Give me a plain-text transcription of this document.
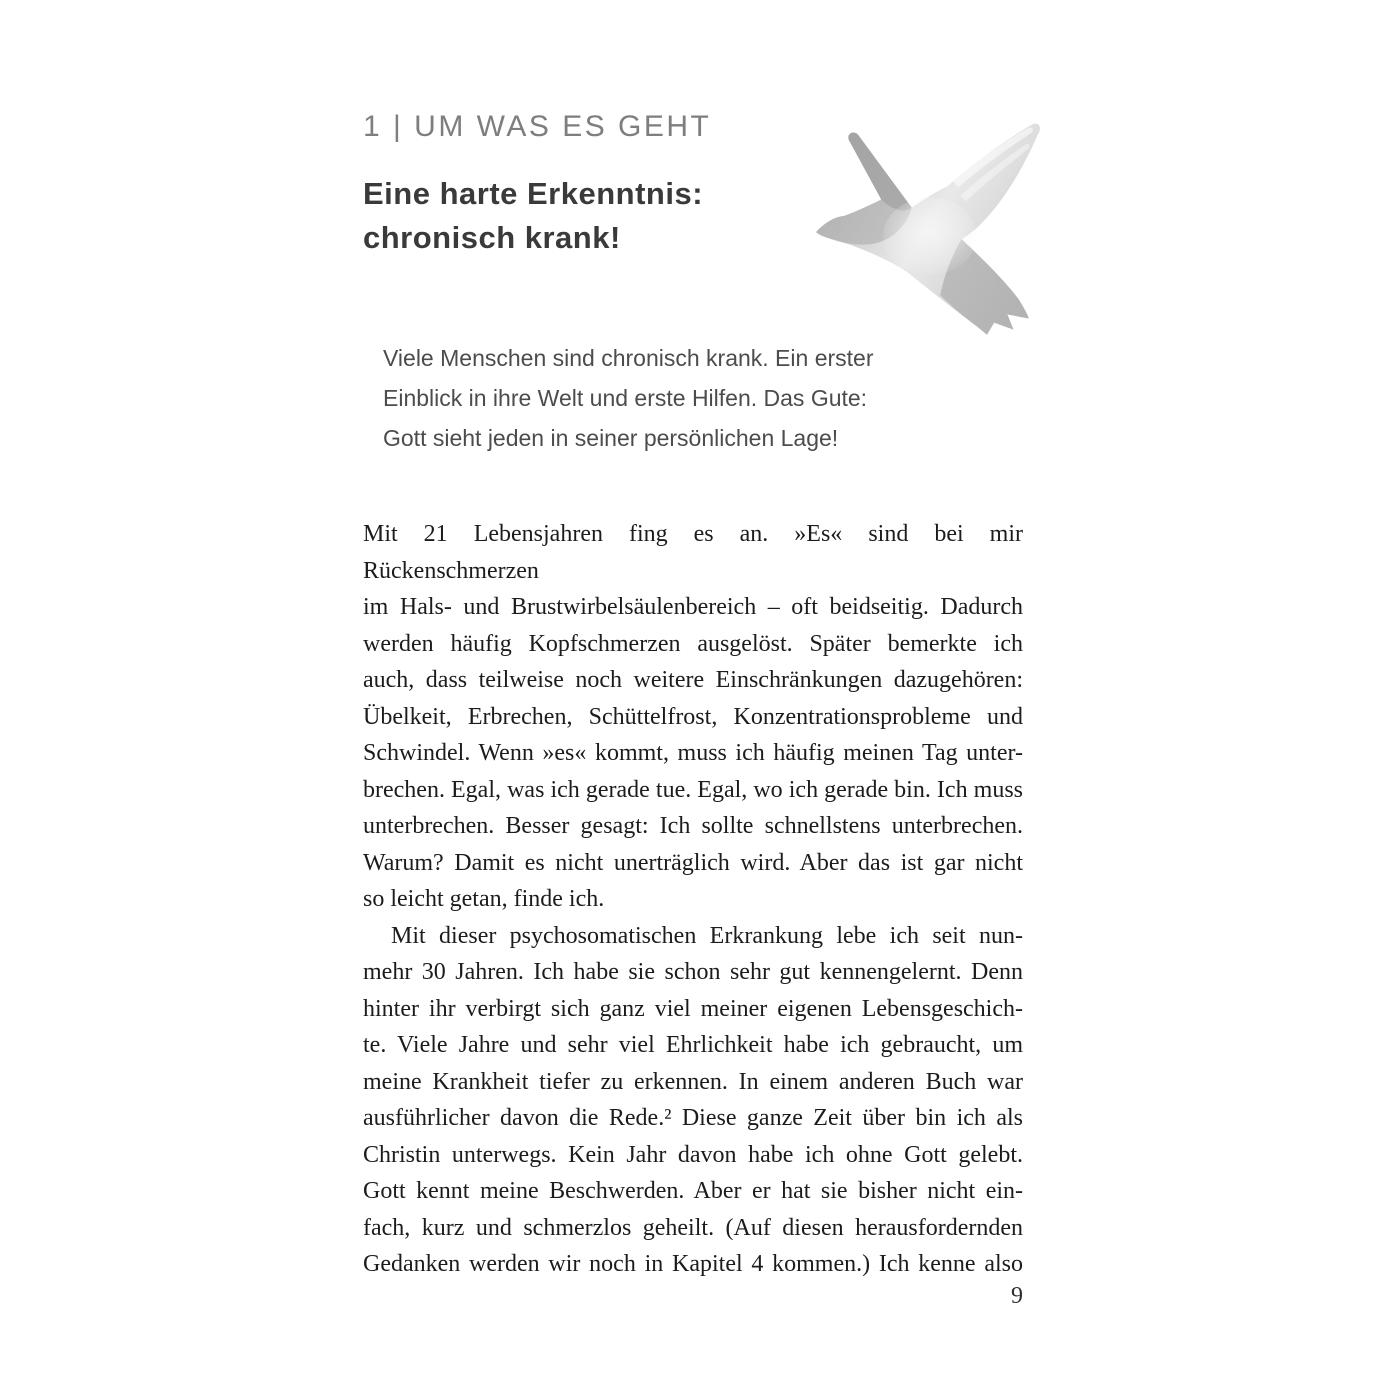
1 | UM WAS ES GEHT
Eine harte Erkenntnis:
chronisch krank!
Viele Menschen sind chronisch krank. Ein erster
Einblick in ihre Welt und erste Hilfen. Das Gute:
Gott sieht jeden in seiner persönlichen Lage!
Mit 21 Lebensjahren fing es an. »Es« sind bei mir Rückenschmerzen
im Hals- und Brustwirbelsäulenbereich – oft beidseitig. Dadurch
werden häufig Kopfschmerzen ausgelöst. Später bemerkte ich
auch, dass teilweise noch weitere Einschränkungen dazugehören:
Übelkeit, Erbrechen, Schüttelfrost, Konzentrationsprobleme und
Schwindel. Wenn »es« kommt, muss ich häufig meinen Tag unter-
brechen. Egal, was ich gerade tue. Egal, wo ich gerade bin. Ich muss
unterbrechen. Besser gesagt: Ich sollte schnellstens unterbrechen.
Warum? Damit es nicht unerträglich wird. Aber das ist gar nicht
so leicht getan, finde ich.
Mit dieser psychosomatischen Erkrankung lebe ich seit nun-
mehr 30 Jahren. Ich habe sie schon sehr gut kennengelernt. Denn
hinter ihr verbirgt sich ganz viel meiner eigenen Lebensgeschich-
te. Viele Jahre und sehr viel Ehrlichkeit habe ich gebraucht, um
meine Krankheit tiefer zu erkennen. In einem anderen Buch war
ausführlicher davon die Rede.² Diese ganze Zeit über bin ich als
Christin unterwegs. Kein Jahr davon habe ich ohne Gott gelebt.
Gott kennt meine Beschwerden. Aber er hat sie bisher nicht ein-
fach, kurz und schmerzlos geheilt. (Auf diesen herausfordernden
Gedanken werden wir noch in Kapitel 4 kommen.) Ich kenne also
9
